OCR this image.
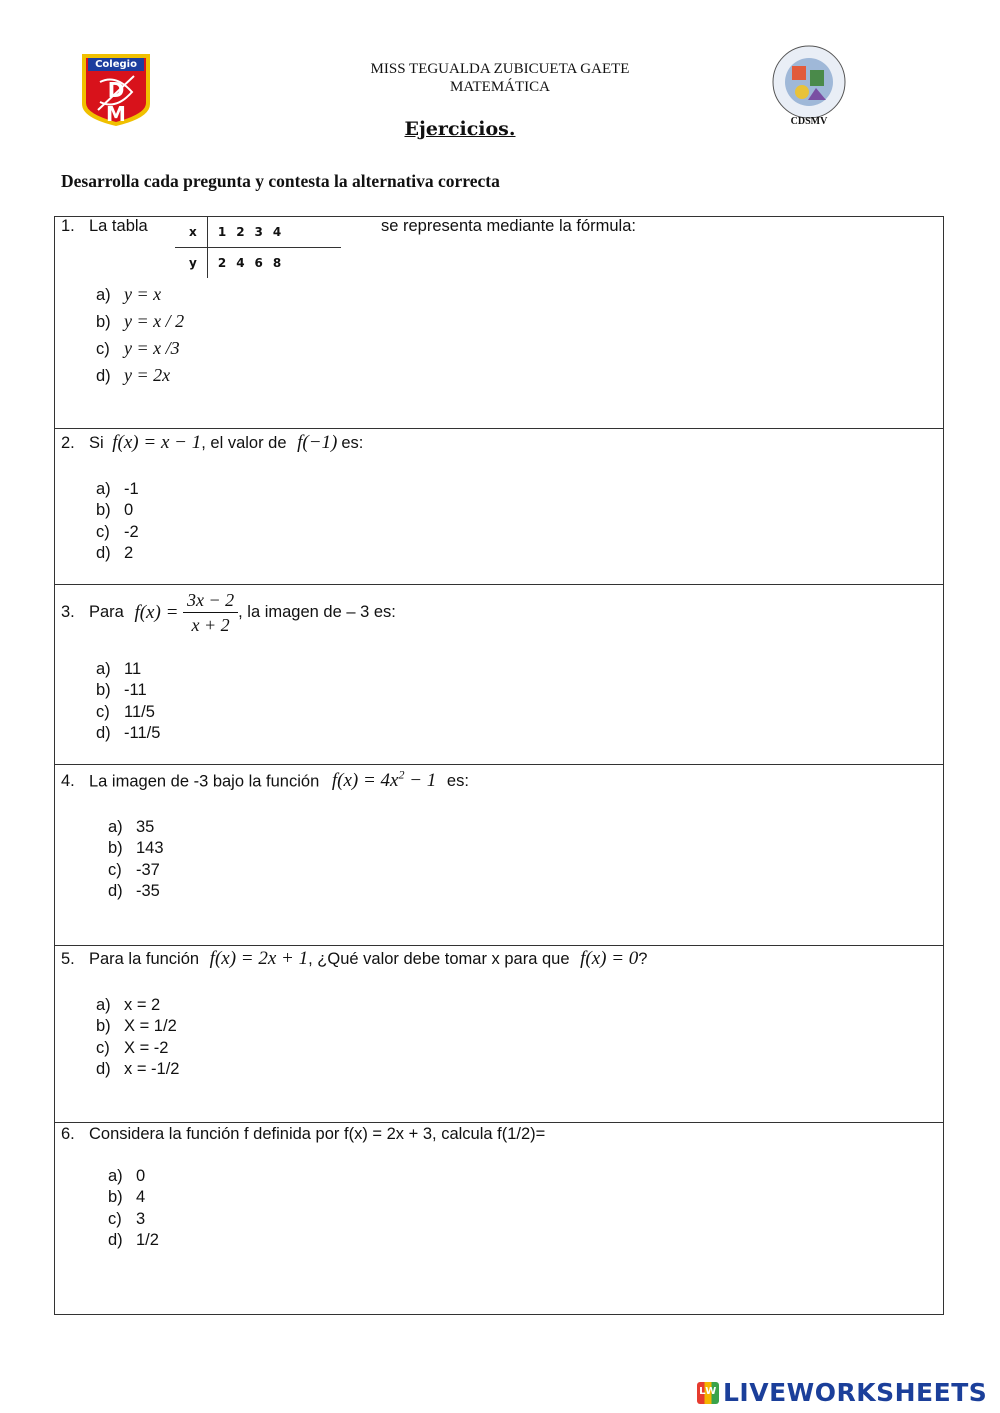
Colegio
D M
MISS TEGUALDA ZUBICUETA GAETE
MATEMÁTICA
CDSMV
Ejercicios.
Desarrolla cada pregunta y contesta la alternativa correcta
1. La tabla	x	1	2	3	4
y	2	4	6	8
se representa mediante la fórmula:
a) y = x
b) y = x / 2
c) y = x /3
d) y = 2x
2. Si f(x) = x − 1, el valor de f(−1) es:
a) -1
b) 0
c) -2
d) 2
3. Para $f(x) = \frac{3x - 2}{x + 2}$ , la imagen de – 3 es:
a) 11
b) -11
c) 11/5
d) -11/5
4. La imagen de -3 bajo la función $f(x) = 4x^2 - 1$ es:
a) 35
b) 143
c) -37
d) -35
5. Para la función f(x) = 2x + 1, ¿Qué valor debe tomar x para que f(x) = 0?
a) x = 2
b) X = 1/2
c) X = -2
d) x = -1/2
6. Considera la función f definida por f(x) = 2x + 3, calcula f(1/2)=
a) 0
b) 4
c) 3
d) 1/2
LW LIVEWORKSHEETS
